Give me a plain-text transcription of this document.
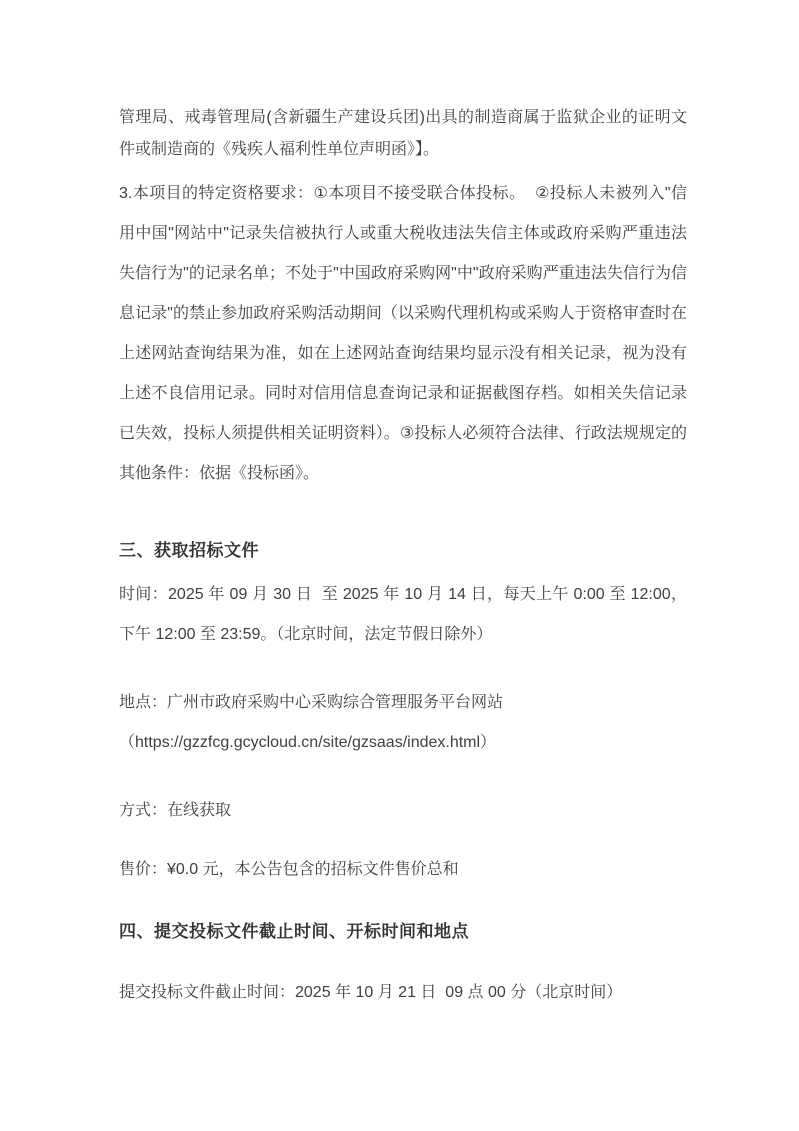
管理局、戒毒管理局(含新疆生产建设兵团)出具的制造商属于监狱企业的证明文件或制造商的《残疾人福利性单位声明函》】。

3.本项目的特定资格要求：①本项目不接受联合体投标。  ②投标人未被列入"信用中国"网站中"记录失信被执行人或重大税收违法失信主体或政府采购严重违法失信行为"的记录名单；不处于"中国政府采购网"中"政府采购严重违法失信行为信息记录"的禁止参加政府采购活动期间（以采购代理机构或采购人于资格审查时在上述网站查询结果为准，如在上述网站查询结果均显示没有相关记录，视为没有上述不良信用记录。同时对信用信息查询记录和证据截图存档。如相关失信记录已失效，投标人须提供相关证明资料）。③投标人必须符合法律、行政法规规定的其他条件：依据《投标函》。

三、获取招标文件

时间：2025 年 09 月 30 日  至 2025 年 10 月 14 日，每天上午 0:00 至 12:00，下午 12:00 至 23:59。（北京时间，法定节假日除外）

地点：广州市政府采购中心采购综合管理服务平台网站
（https://gzzfcg.gcycloud.cn/site/gzsaas/index.html）

方式：在线获取

售价：¥0.0 元，本公告包含的招标文件售价总和

四、提交投标文件截止时间、开标时间和地点

提交投标文件截止时间：2025 年 10 月 21 日  09 点 00 分（北京时间）
